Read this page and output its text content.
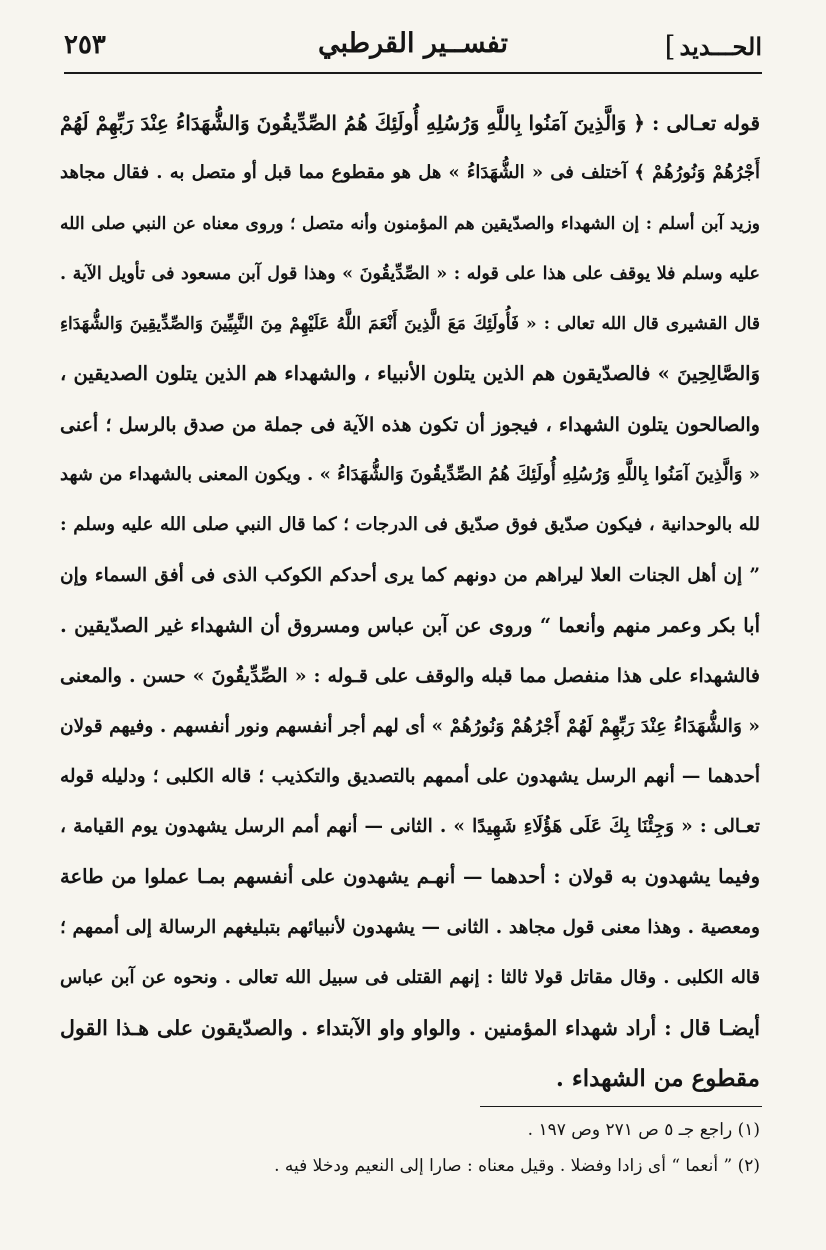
الحـــديد
]
تفســير القرطبي
٢٥٣
قوله تعـالى : ﴿ وَالَّذِينَ آمَنُوا بِاللَّهِ وَرُسُلِهِ أُولَئِكَ هُمُ الصِّدِّيقُونَ وَالشُّهَدَاءُ عِنْدَ رَبِّهِمْ لَهُمْ
أَجْرُهُمْ وَنُورُهُمْ ﴾ آختلف فى « الشُّهَدَاءُ » هل هو مقطوع مما قبل أو متصل به . فقال مجاهد
وزيد آبن أسلم : إن الشهداء والصدّيقين هم المؤمنون وأنه متصل ؛ وروى معناه عن النبي صلى الله
عليه وسلم فلا يوقف على هذا على قوله : « الصِّدِّيقُونَ » وهذا قول آبن مسعود فى تأويل الآية .
قال القشيرى قال الله تعالى : « فَأُولَئِكَ مَعَ الَّذِينَ أَنْعَمَ اللَّهُ عَلَيْهِمْ مِنَ النَّبِيِّينَ وَالصِّدِّيقِينَ وَالشُّهَدَاءِ
وَالصَّالِحِينَ » فالصدّيقون هم الذين يتلون الأنبياء ، والشهداء هم الذين يتلون الصديقين ،
والصالحون يتلون الشهداء ، فيجوز أن تكون هذه الآية فى جملة من صدق بالرسل ؛ أعنى
« وَالَّذِينَ آمَنُوا بِاللَّهِ وَرُسُلِهِ أُولَئِكَ هُمُ الصِّدِّيقُونَ وَالشُّهَدَاءُ » . ويكون المعنى بالشهداء من شهد
لله بالوحدانية ، فيكون صدّيق فوق صدّيق فى الدرجات ؛ كما قال النبي صلى الله عليه وسلم :
” إن أهل الجنات العلا ليراهم من دونهم كما يرى أحدكم الكوكب الذى فى أفق السماء وإن
أبا بكر وعمر منهم وأنعما “ وروى عن آبن عباس ومسروق أن الشهداء غير الصدّيقين .
فالشهداء على هذا منفصل مما قبله والوقف على قـوله : « الصِّدِّيقُونَ » حسن . والمعنى
« وَالشُّهَدَاءُ عِنْدَ رَبِّهِمْ لَهُمْ أَجْرُهُمْ وَنُورُهُمْ » أى لهم أجر أنفسهم ونور أنفسهم . وفيهم قولان
أحدهما — أنهم الرسل يشهدون على أممهم بالتصديق والتكذيب ؛ قاله الكلبى ؛ ودليله قوله
تعـالى : « وَجِئْنَا بِكَ عَلَى هَؤُلَاءِ شَهِيدًا » . الثانى — أنهم أمم الرسل يشهدون يوم القيامة ،
وفيما يشهدون به قولان : أحدهما — أنهـم يشهدون على أنفسهم بمـا عملوا من طاعة
ومعصية . وهذا معنى قول مجاهد . الثانى — يشهدون لأنبيائهم بتبليغهم الرسالة إلى أممهم ؛
قاله الكلبى . وقال مقاتل قولا ثالثا : إنهم القتلى فى سبيل الله تعالى . ونحوه عن آبن عباس
أيضـا قال : أراد شهداء المؤمنين . والواو واو الآبتداء . والصدّيقون على هـذا القول
مقطوع من الشهداء .
(١) راجع جـ ٥ ص ٢٧١ وص ١٩٧ .
(٢) ” أنعما “ أى زادا وفضلا . وقيل معناه : صارا إلى النعيم ودخلا فيه .
